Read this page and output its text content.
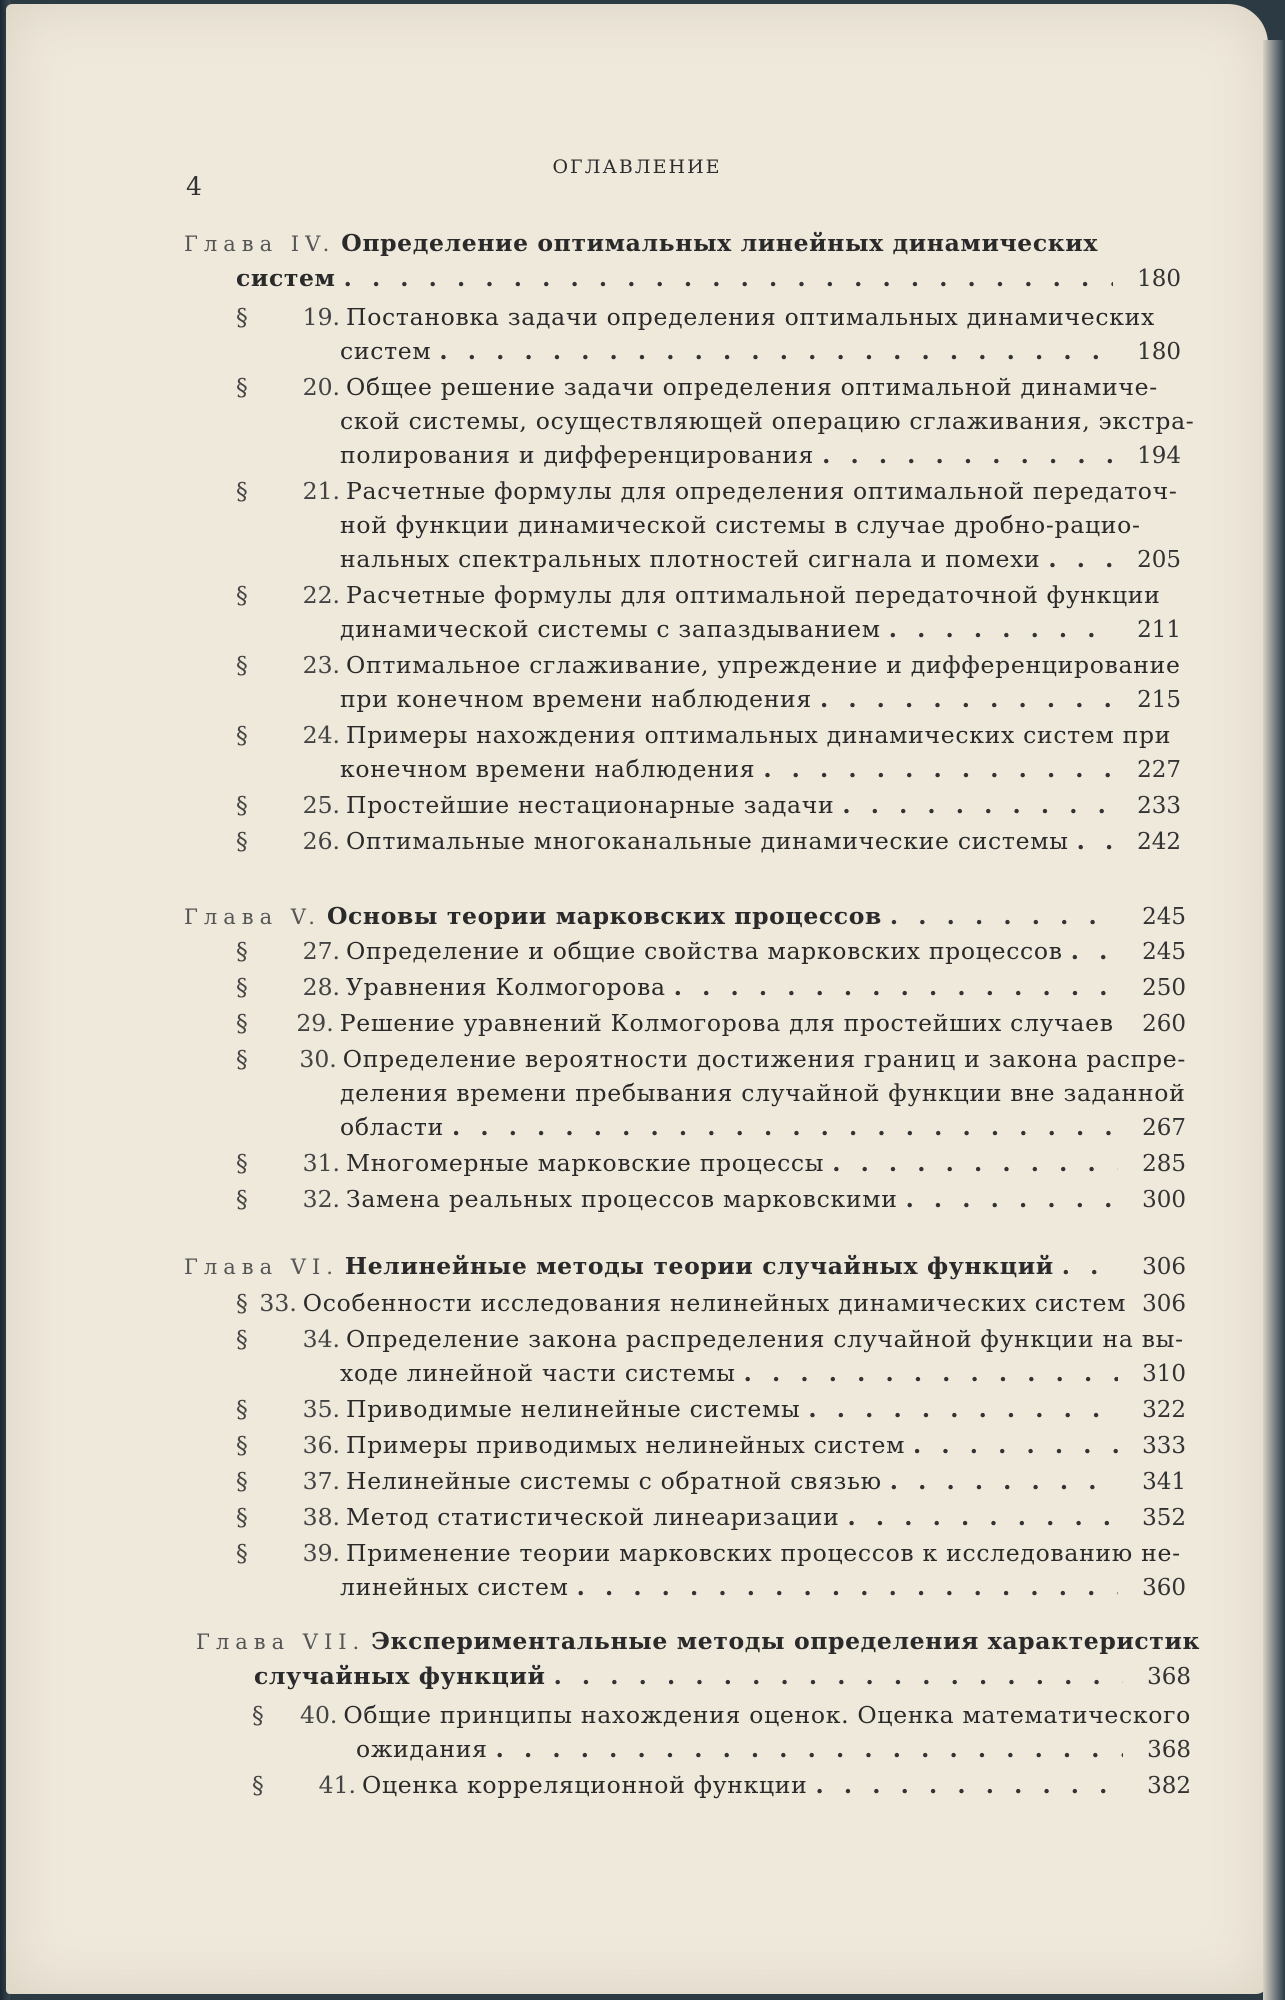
4
ОГЛАВЛЕНИЕ
Глава IV. Определение оптимальных линейных динамических
систем . . .	180
§	19. Постановка задачи определения оптимальных динамических
систем . . .	180
§	20. Общее решение задачи определения оптимальной динамиче-
ской системы, осуществляющей операцию сглаживания, экстра-
полирования и дифференцирования . . .	194
§	21. Расчетные формулы для определения оптимальной передаточ-
ной функции динамической системы в случае дробно-рацио-
нальных спектральных плотностей сигнала и помехи . . .	205
§	22. Расчетные формулы для оптимальной передаточной функции
динамической системы с запаздыванием . . .	211
§	23. Оптимальное сглаживание, упреждение и дифференцирование
при конечном времени наблюдения . . .	215
§	24. Примеры нахождения оптимальных динамических систем при
конечном времени наблюдения . . .	227
§	25. Простейшие нестационарные задачи . . .	233
§	26. Оптимальные многоканальные динамические системы . . .	242
Глава V. Основы теории марковских процессов . . .	245
§	27. Определение и общие свойства марковских процессов . . .	245
§	28. Уравнения Колмогорова . . .	250
§	29. Решение уравнений Колмогорова для простейших случаев	260
§	30. Определение вероятности достижения границ и закона распре-
деления времени пребывания случайной функции вне заданной
области . . .	267
§	31. Многомерные марковские процессы . . .	285
§	32. Замена реальных процессов марковскими . . .	300
Глава VI. Нелинейные методы теории случайных функций . . .	306
§ 33. Особенности исследования нелинейных динамических систем 306
§	34. Определение закона распределения случайной функции на вы-
ходе линейной части системы . . .	310
§	35. Приводимые нелинейные системы . . .	322
§	36. Примеры приводимых нелинейных систем . . .	333
§	37. Нелинейные системы с обратной связью . . .	341
§	38. Метод статистической линеаризации . . .	352
§	39. Применение теории марковских процессов к исследованию не-
линейных систем . . .	360
Глава VII. Экспериментальные методы определения характеристик
случайных функций . . .	368
§	40. Общие принципы нахождения оценок. Оценка математического
ожидания . . .	368
§	41. Оценка корреляционной функции . . .	382
